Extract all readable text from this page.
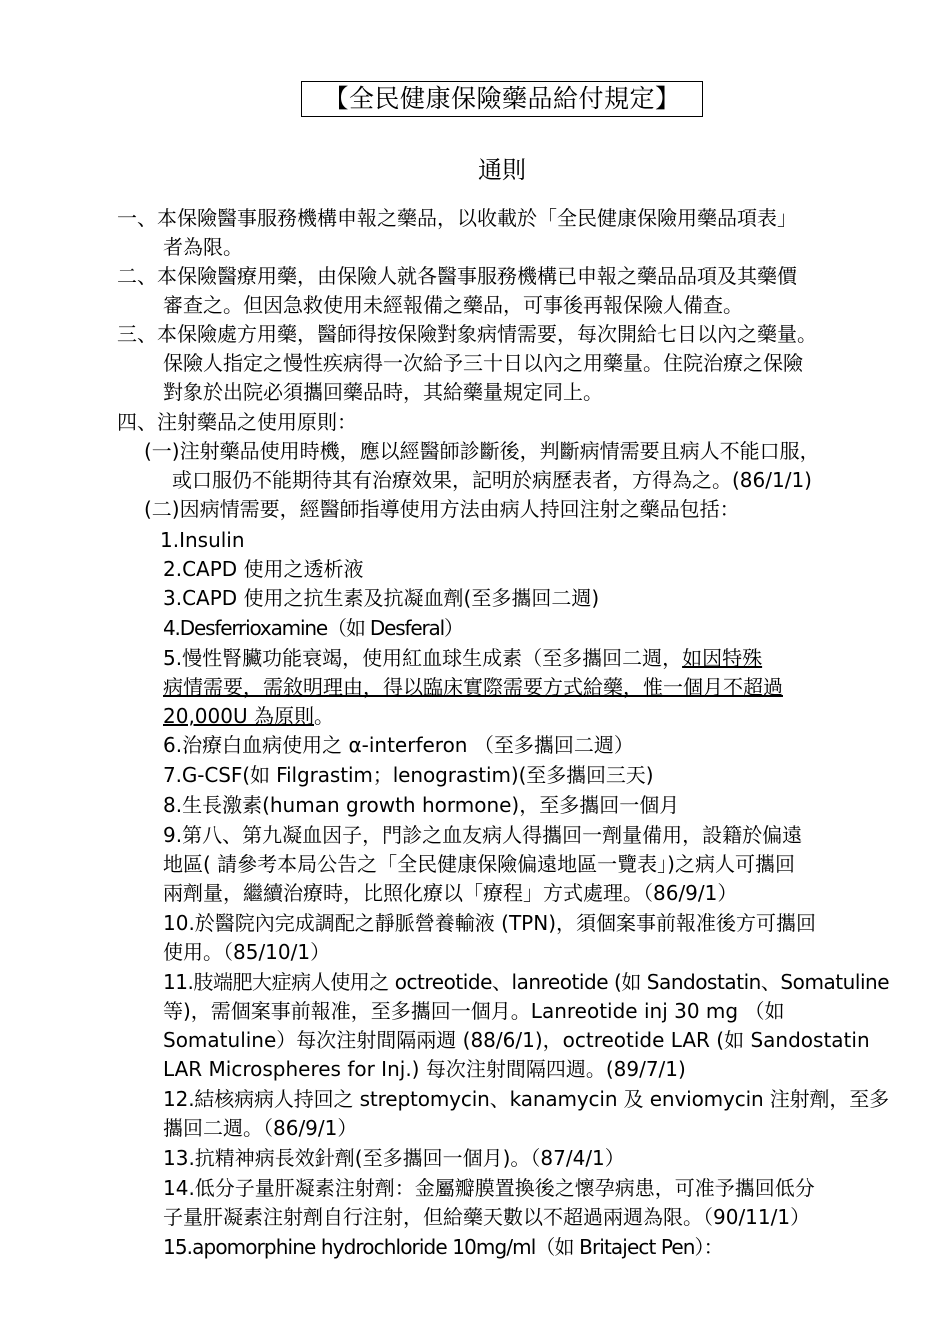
【全民健康保險藥品給付規定】
通則
一、本保險醫事服務機構申報之藥品，以收載於「全民健康保險用藥品項表」
者為限。
二、本保險醫療用藥，由保險人就各醫事服務機構已申報之藥品品項及其藥價
審查之。但因急救使用未經報備之藥品，可事後再報保險人備查。
三、本保險處方用藥，醫師得按保險對象病情需要，每次開給七日以內之藥量。
保險人指定之慢性疾病得一次給予三十日以內之用藥量。住院治療之保險
對象於出院必須攜回藥品時，其給藥量規定同上。
四、注射藥品之使用原則：
(一)注射藥品使用時機，應以經醫師診斷後，判斷病情需要且病人不能口服，
或口服仍不能期待其有治療效果，記明於病歷表者，方得為之。(86/1/1)
(二)因病情需要，經醫師指導使用方法由病人持回注射之藥品包括：
1.Insulin
2.CAPD 使用之透析液
3.CAPD 使用之抗生素及抗凝血劑(至多攜回二週)
4.Desferrioxamine（如 Desferal）
5.慢性腎臟功能衰竭，使用紅血球生成素（至多攜回二週，如因特殊
病情需要，需敘明理由，得以臨床實際需要方式給藥，惟一個月不超過
20,000U 為原則。
6.治療白血病使用之 α-interferon （至多攜回二週）
7.G-CSF(如 Filgrastim；lenograstim)(至多攜回三天)
8.生長激素(human growth hormone)，至多攜回一個月
9.第八、第九凝血因子，門診之血友病人得攜回一劑量備用，設籍於偏遠
地區( 請參考本局公告之「全民健康保險偏遠地區一覽表」)之病人可攜回
兩劑量，繼續治療時，比照化療以「療程」方式處理。（86/9/1）
10.於醫院內完成調配之靜脈營養輸液 (TPN)，須個案事前報准後方可攜回
使用。（85/10/1）
11.肢端肥大症病人使用之 octreotide、lanreotide (如 Sandostatin、Somatuline
等)，需個案事前報准，至多攜回一個月。Lanreotide inj 30 mg （如
Somatuline）每次注射間隔兩週 (88/6/1)，octreotide LAR (如 Sandostatin
LAR Microspheres for Inj.) 每次注射間隔四週。(89/7/1)
12.結核病病人持回之 streptomycin、kanamycin 及 enviomycin 注射劑，至多
攜回二週。（86/9/1）
13.抗精神病長效針劑(至多攜回一個月)。（87/4/1）
14.低分子量肝凝素注射劑：金屬瓣膜置換後之懷孕病患，可准予攜回低分
子量肝凝素注射劑自行注射，但給藥天數以不超過兩週為限。（90/11/1）
15.apomorphine hydrochloride 10mg/ml（如 Britaject Pen）：
